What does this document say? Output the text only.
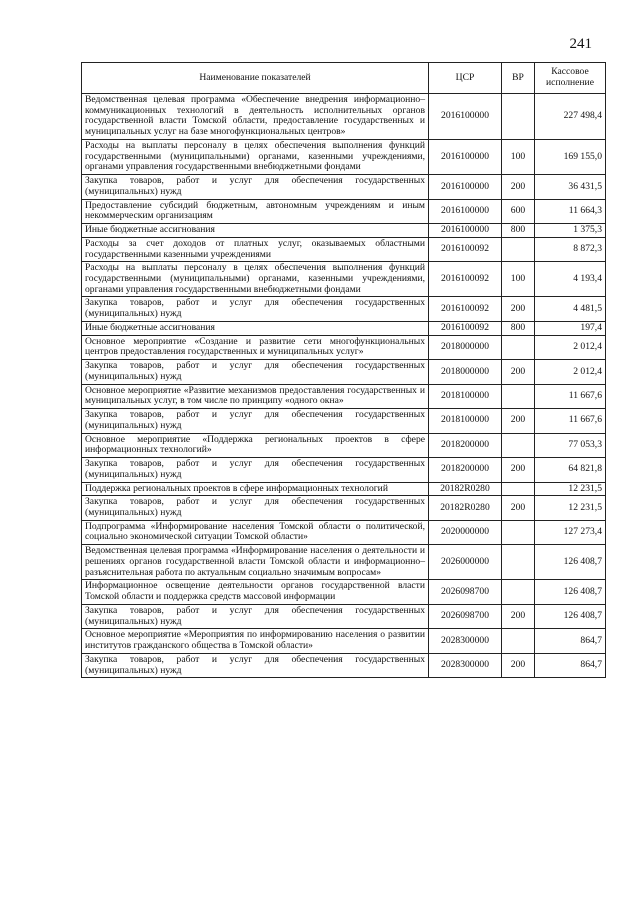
241
Наименование показателей	ЦСР	ВР	Кассовое исполнение
Ведомственная целевая программа «Обеспечение внедрения информационно–коммуникационных технологий в деятельность исполнительных органов государственной власти Томской области, предоставление государственных и муниципальных услуг на базе многофункциональных центров»	2016100000		227 498,4
Расходы на выплаты персоналу в целях обеспечения выполнения функций государственными (муниципальными) органами, казенными учреждениями, органами управления государственными внебюджетными фондами	2016100000	100	169 155,0
Закупка товаров, работ и услуг для обеспечения государственных (муниципальных) нужд	2016100000	200	36 431,5
Предоставление субсидий бюджетным, автономным учреждениям и иным некоммерческим организациям	2016100000	600	11 664,3
Иные бюджетные ассигнования	2016100000	800	1 375,3
Расходы за счет доходов от платных услуг, оказываемых областными государственными казенными учреждениями	2016100092		8 872,3
Расходы на выплаты персоналу в целях обеспечения выполнения функций государственными (муниципальными) органами, казенными учреждениями, органами управления государственными внебюджетными фондами	2016100092	100	4 193,4
Закупка товаров, работ и услуг для обеспечения государственных (муниципальных) нужд	2016100092	200	4 481,5
Иные бюджетные ассигнования	2016100092	800	197,4
Основное мероприятие «Создание и развитие сети многофункциональных центров предоставления государственных и муниципальных услуг»	2018000000		2 012,4
Закупка товаров, работ и услуг для обеспечения государственных (муниципальных) нужд	2018000000	200	2 012,4
Основное мероприятие «Развитие механизмов предоставления государственных и муниципальных услуг, в том числе по принципу «одного окна»	2018100000		11 667,6
Закупка товаров, работ и услуг для обеспечения государственных (муниципальных) нужд	2018100000	200	11 667,6
Основное мероприятие «Поддержка региональных проектов в сфере информационных технологий»	2018200000		77 053,3
Закупка товаров, работ и услуг для обеспечения государственных (муниципальных) нужд	2018200000	200	64 821,8
Поддержка региональных проектов в сфере информационных технологий	20182R0280		12 231,5
Закупка товаров, работ и услуг для обеспечения государственных (муниципальных) нужд	20182R0280	200	12 231,5
Подпрограмма «Информирование населения Томской области о политической, социально экономической ситуации Томской области»	2020000000		127 273,4
Ведомственная целевая программа «Информирование населения о деятельности и решениях органов государственной власти Томской области и информационно–разъяснительная работа по актуальным социально значимым вопросам»	2026000000		126 408,7
Информационное освещение деятельности органов государственной власти Томской области и поддержка средств массовой информации	2026098700		126 408,7
Закупка товаров, работ и услуг для обеспечения государственных (муниципальных) нужд	2026098700	200	126 408,7
Основное мероприятие «Мероприятия по информированию населения о развитии институтов гражданского общества в Томской области»	2028300000		864,7
Закупка товаров, работ и услуг для обеспечения государственных (муниципальных) нужд	2028300000	200	864,7
